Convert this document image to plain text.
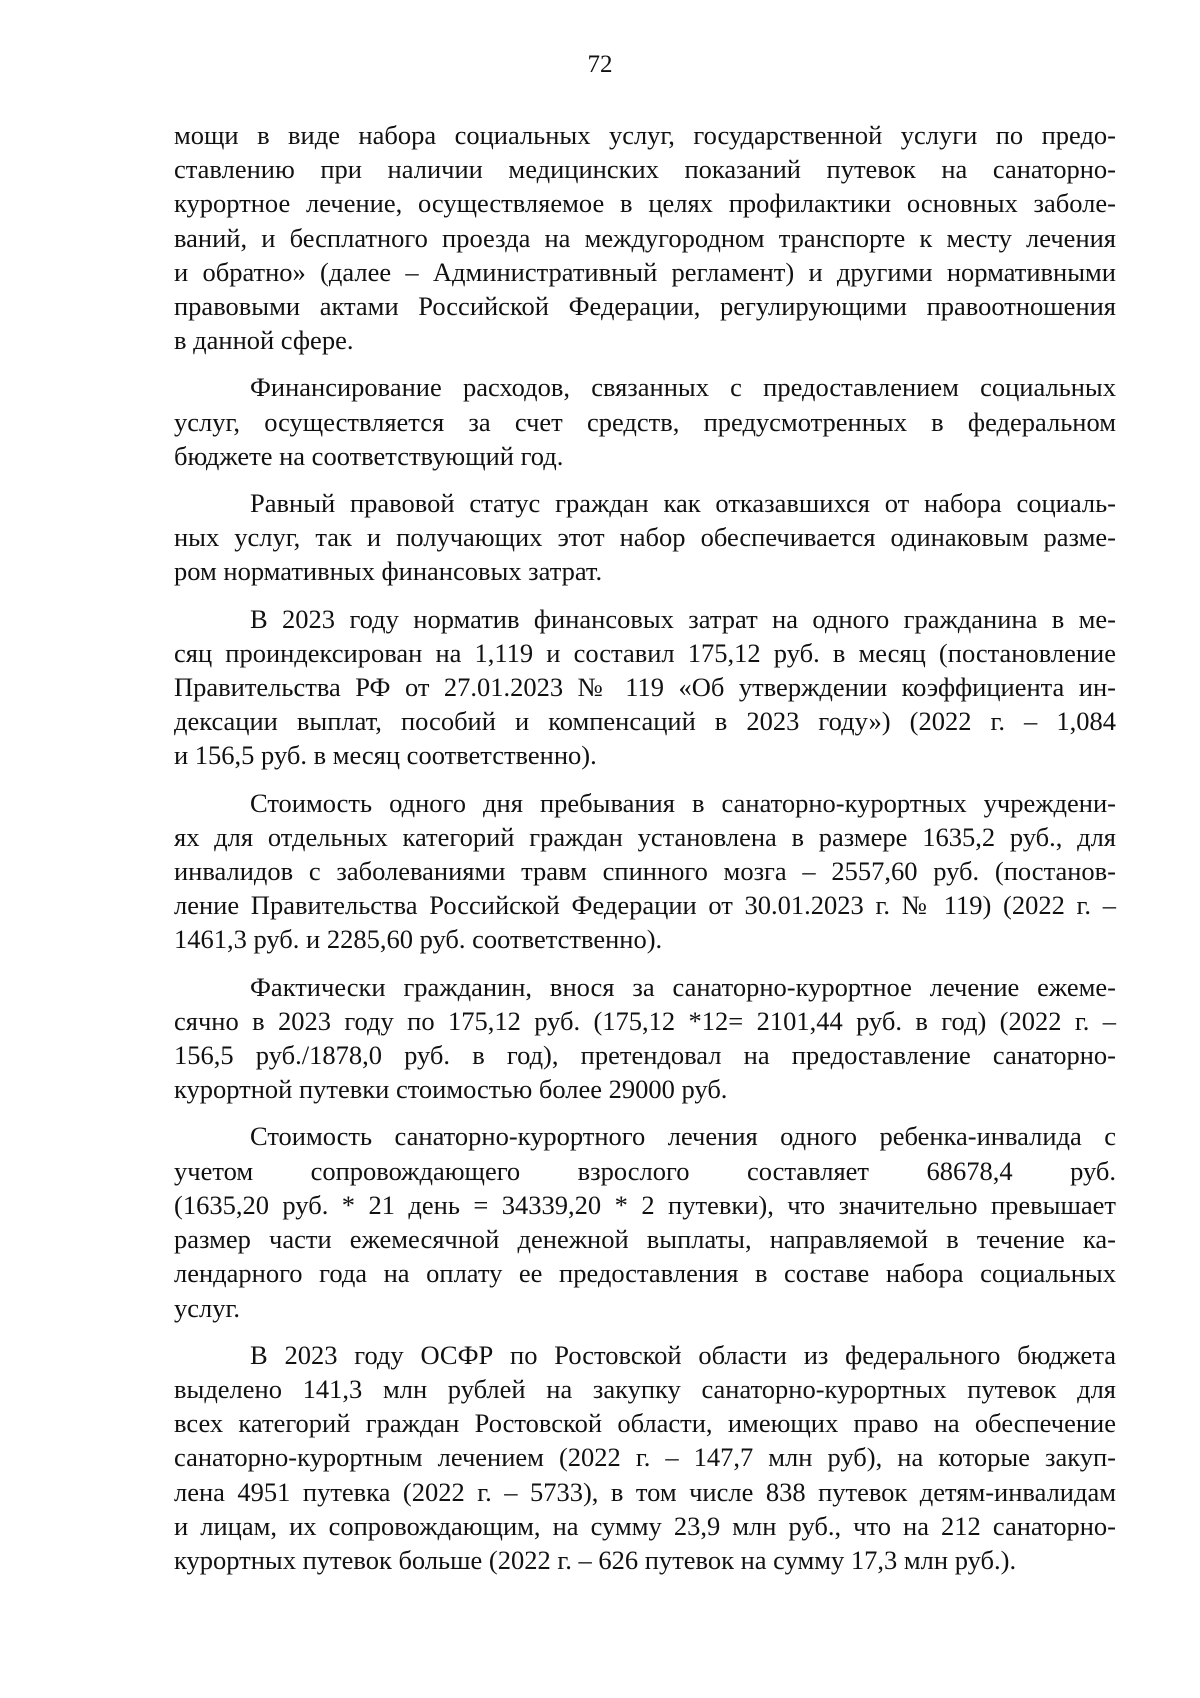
72
мощи в виде набора социальных услуг, государственной услуги по предо-
ставлению при наличии медицинских показаний путевок на санаторно-
курортное лечение, осуществляемое в целях профилактики основных заболе-
ваний, и бесплатного проезда на междугородном транспорте к месту лечения
и обратно» (далее – Административный регламент) и другими нормативными
правовыми актами Российской Федерации, регулирующими правоотношения
в данной сфере.
Финансирование расходов, связанных с предоставлением социальных
услуг, осуществляется за счет средств, предусмотренных в федеральном
бюджете на соответствующий год.
Равный правовой статус граждан как отказавшихся от набора социаль-
ных услуг, так и получающих этот набор обеспечивается одинаковым разме-
ром нормативных финансовых затрат.
В 2023 году норматив финансовых затрат на одного гражданина в ме-
сяц проиндексирован на 1,119 и составил 175,12 руб. в месяц (постановление
Правительства РФ от 27.01.2023 № 119 «Об утверждении коэффициента ин-
дексации выплат, пособий и компенсаций в 2023 году») (2022 г. – 1,084
и 156,5 руб. в месяц соответственно).
Стоимость одного дня пребывания в санаторно-курортных учреждени-
ях для отдельных категорий граждан установлена в размере 1635,2 руб., для
инвалидов с заболеваниями травм спинного мозга – 2557,60 руб. (постанов-
ление Правительства Российской Федерации от 30.01.2023 г. № 119) (2022 г. –
1461,3 руб. и 2285,60 руб. соответственно).
Фактически гражданин, внося за санаторно-курортное лечение ежеме-
сячно в 2023 году по 175,12 руб. (175,12 *12= 2101,44 руб. в год) (2022 г. –
156,5 руб./1878,0 руб. в год), претендовал на предоставление санаторно-
курортной путевки стоимостью более 29000 руб.
Стоимость санаторно-курортного лечения одного ребенка-инвалида с
учетом сопровождающего взрослого составляет 68678,4 руб.
(1635,20 руб. * 21 день = 34339,20 * 2 путевки), что значительно превышает
размер части ежемесячной денежной выплаты, направляемой в течение ка-
лендарного года на оплату ее предоставления в составе набора социальных
услуг.
В 2023 году ОСФР по Ростовской области из федерального бюджета
выделено 141,3 млн рублей на закупку санаторно-курортных путевок для
всех категорий граждан Ростовской области, имеющих право на обеспечение
санаторно-курортным лечением (2022 г. – 147,7 млн руб), на которые закуп-
лена 4951 путевка (2022 г. – 5733), в том числе 838 путевок детям-инвалидам
и лицам, их сопровождающим, на сумму 23,9 млн руб., что на 212 санаторно-
курортных путевок больше (2022 г. – 626 путевок на сумму 17,3 млн руб.).
